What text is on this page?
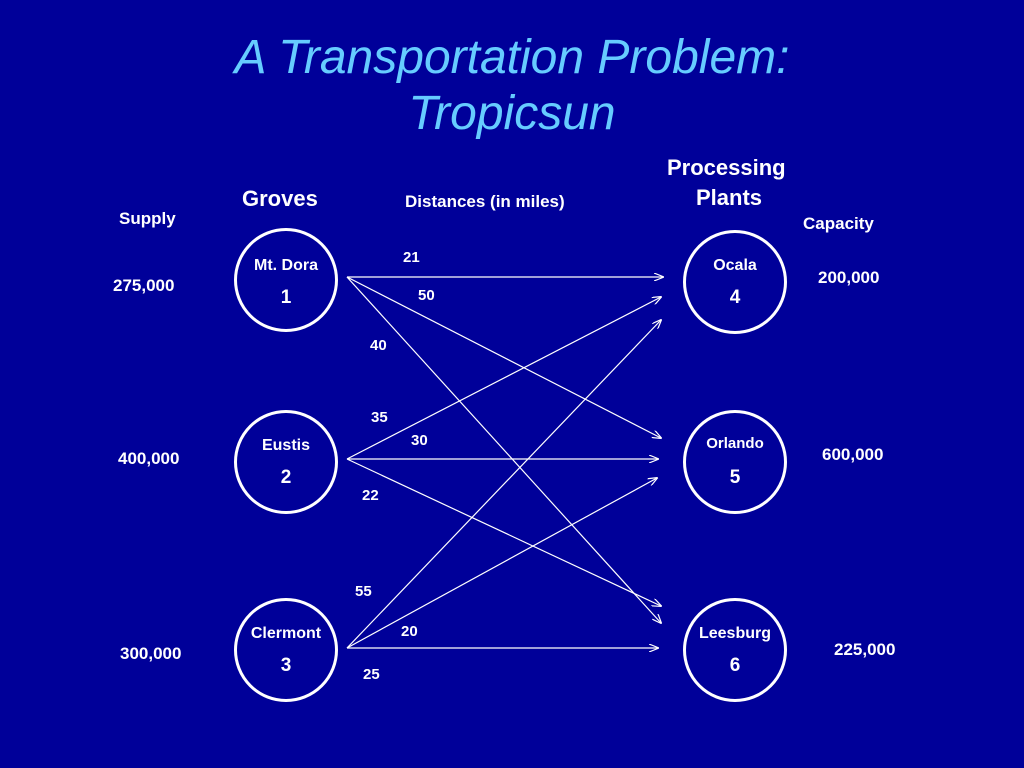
A Transportation Problem:
Tropicsun
Groves	Distances (in miles)
Processing
Plants
Supply	Capacity
275,000
400,000
300,000
200,000
600,000
225,000
Mt. Dora
1
Eustis
2
Clermont
3
Ocala
4
Orlando
5
Leesburg
6
21
50
40
35
30
22
55
20
25
